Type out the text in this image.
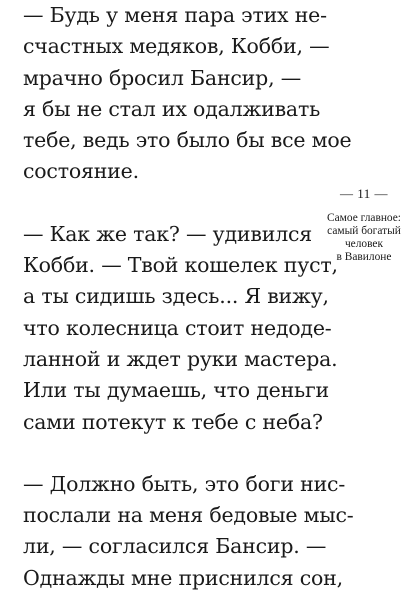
— Будь у меня пара этих не-
счастных медяков, Кобби, —
мрачно бросил Бансир, —
я бы не стал их одалживать
тебе, ведь это было бы все мое
состояние.
— Как же так? — удивился
Кобби. — Твой кошелек пуст,
а ты сидишь здесь... Я вижу,
что колесница стоит недоде-
ланной и ждет руки мастера.
Или ты думаешь, что деньги
сами потекут к тебе с неба?
— Должно быть, это боги нис-
послали на меня бедовые мыс-
ли, — согласился Бансир. —
Однажды мне приснился сон,
— 11 —
Самое главное:
самый богатый
человек
в Вавилоне
